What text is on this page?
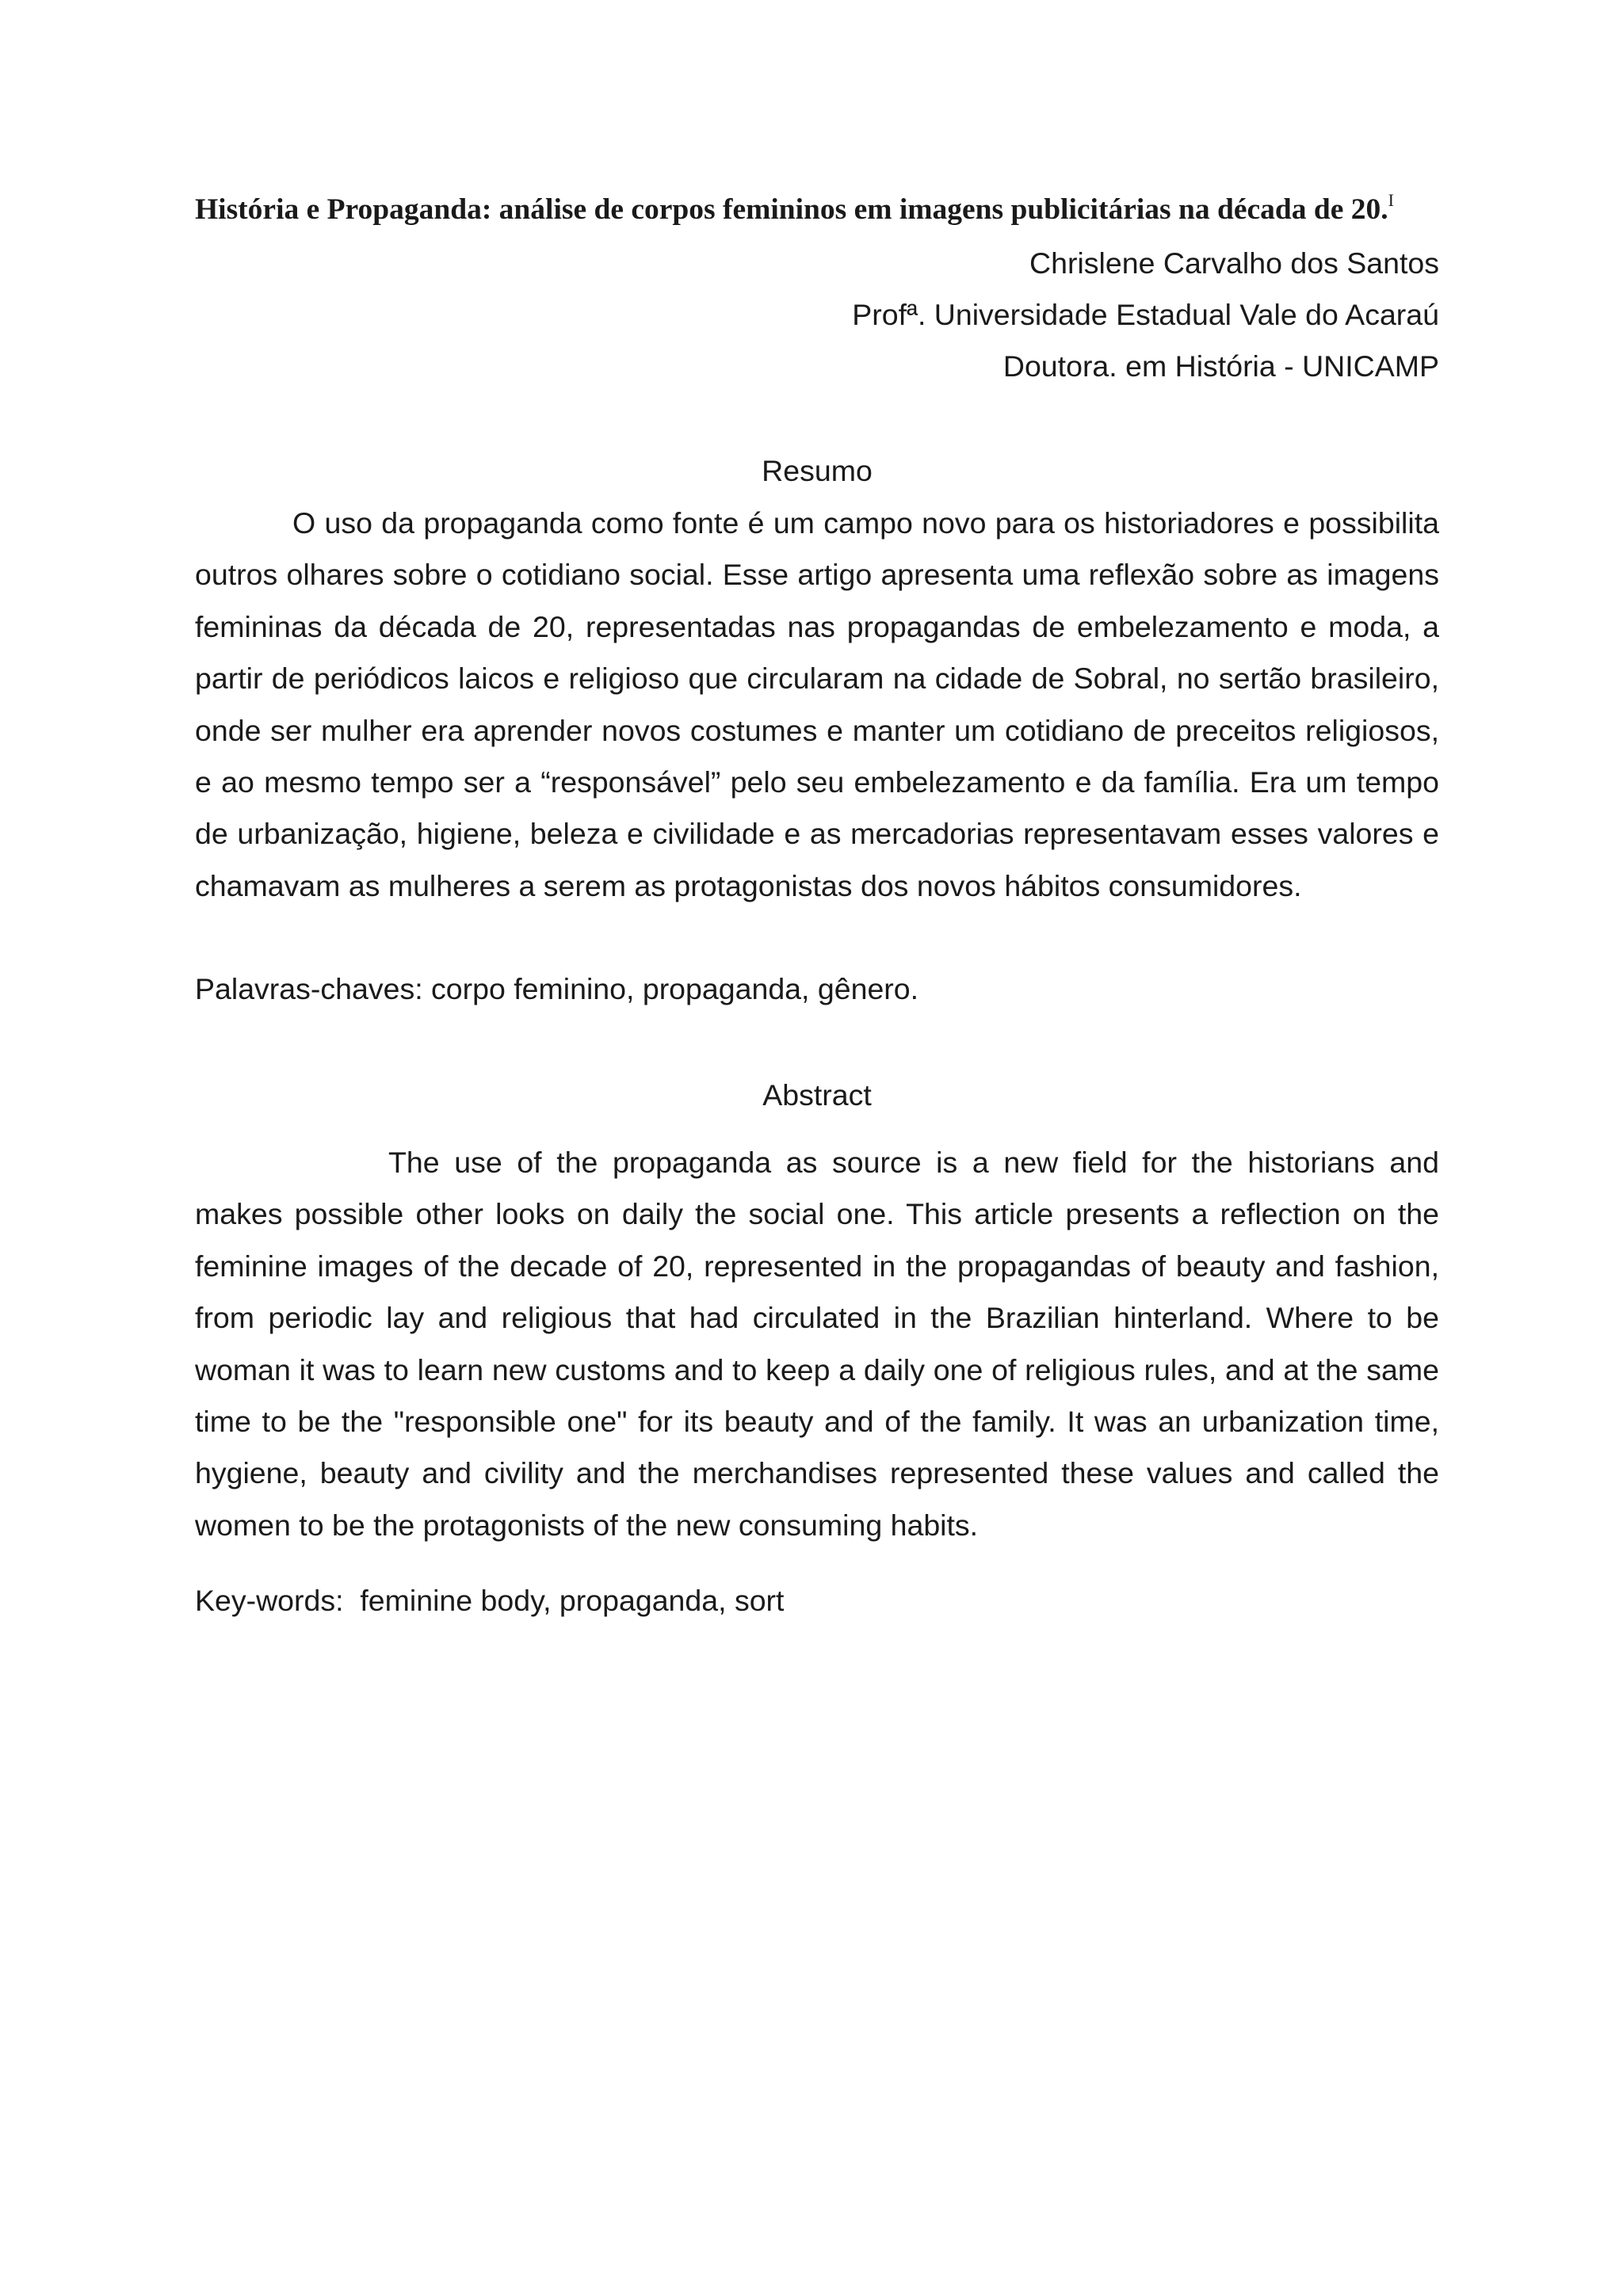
História e Propaganda: análise de corpos femininos em imagens publicitárias na década de 20.$^I$
Chrislene Carvalho dos Santos
Profª. Universidade Estadual Vale do Acaraú
Doutora. em História - UNICAMP
Resumo

O uso da propaganda como fonte é um campo novo para os historiadores e possibilita outros olhares sobre o cotidiano social. Esse artigo apresenta uma reflexão sobre as imagens femininas da década de 20, representadas nas propagandas de embelezamento e moda, a partir de periódicos laicos e religioso que circularam na cidade de Sobral, no sertão brasileiro, onde ser mulher era aprender novos costumes e manter um cotidiano de preceitos religiosos, e ao mesmo tempo ser a “responsável” pelo seu embelezamento e da família. Era um tempo de urbanização, higiene, beleza e civilidade e as mercadorias representavam esses valores e chamavam as mulheres a serem as protagonistas dos novos hábitos consumidores.

Palavras-chaves: corpo feminino, propaganda, gênero.

Abstract

The use of the propaganda as source is a new field for the historians and makes possible other looks on daily the social one. This article presents a reflection on the feminine images of the decade of 20, represented in the propagandas of beauty and fashion, from periodic lay and religious that had circulated in the Brazilian hinterland. Where to be woman it was to learn new customs and to keep a daily one of religious rules, and at the same time to be the "responsible one" for its beauty and of the family. It was an urbanization time, hygiene, beauty and civility and the merchandises represented these values and called the women to be the protagonists of the new consuming habits.

Key-words:  feminine body, propaganda, sort
